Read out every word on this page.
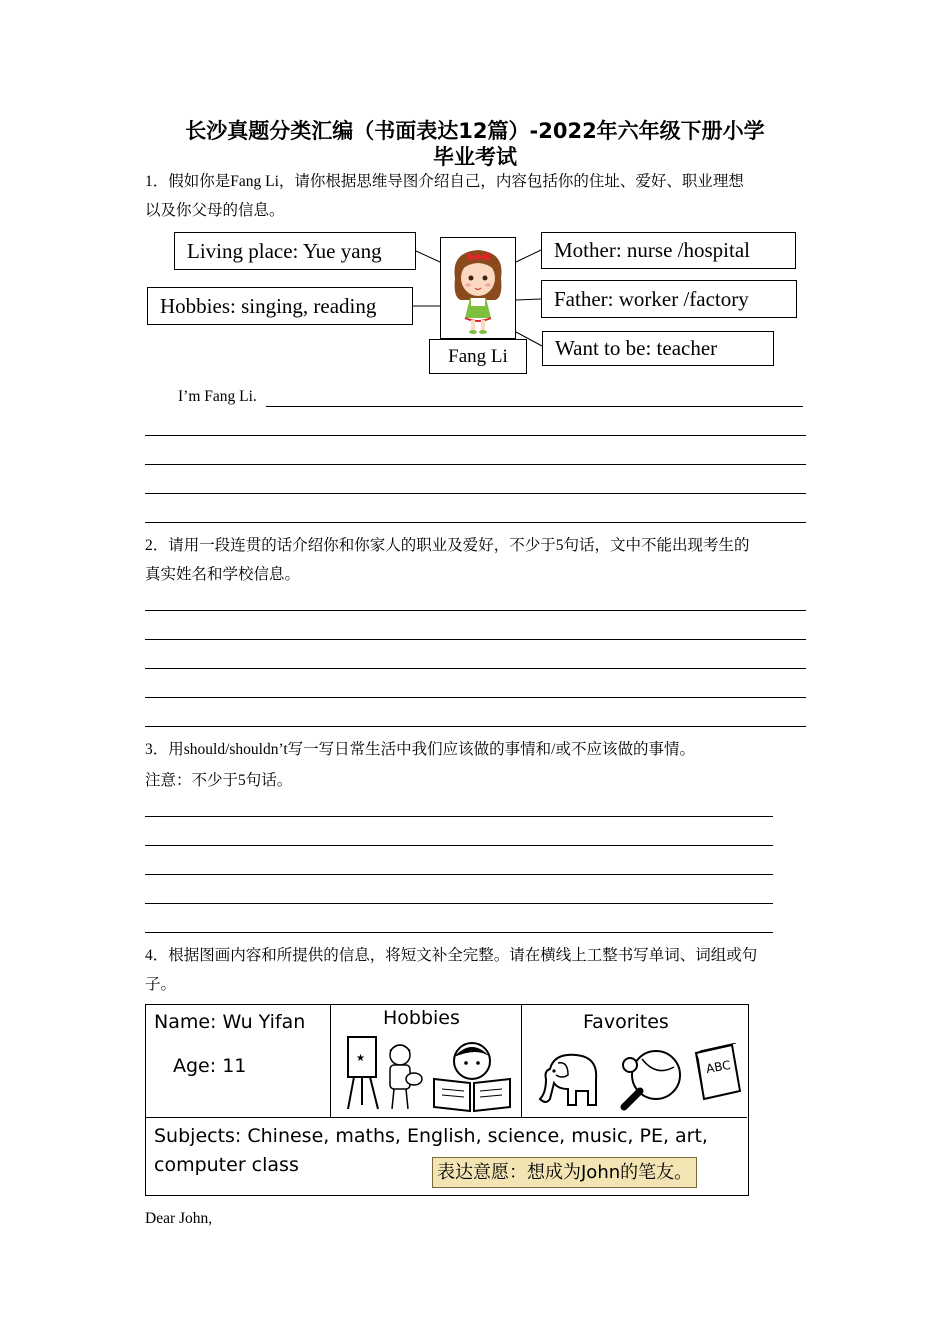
长沙真题分类汇编（书面表达12篇）-2022年六年级下册小学
毕业考试
1．假如你是Fang Li，请你根据思维导图介绍自己，内容包括你的住址、爱好、职业理想
以及你父母的信息。
Living place: Yue yang
Hobbies: singing, reading
Mother: nurse /hospital
Father: worker /factory
Want to be: teacher
Fang Li
I’m Fang Li.
2．请用一段连贯的话介绍你和你家人的职业及爱好，不少于5句话，文中不能出现考生的
真实姓名和学校信息。
3．用should/shouldn’t写一写日常生活中我们应该做的事情和/或不应该做的事情。
注意：不少于5句话。
4．根据图画内容和所提供的信息，将短文补全完整。请在横线上工整书写单词、词组或句
子。
Name: Wu Yifan
Age: 11
Hobbies
★
Favorites
ABC
Subjects: Chinese, maths, English, science, music, PE, art,
computer class	表达意愿：想成为John的笔友。
Dear John,
